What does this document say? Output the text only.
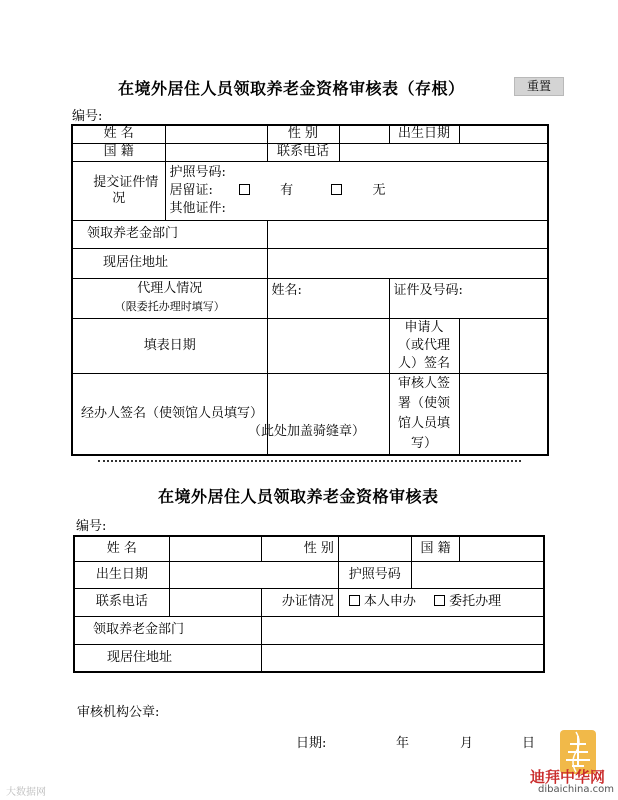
在境外居住人员领取养老金资格审核表（存根）	重置
编号:
姓 名		性 别		出生日期	
国 籍		联系电话			
提交证件情况	护照号码:
居留证: 有 无
其他证件:				

领取养老金部门					
现居住地址					

代理人情况
（限委托办理时填写）		姓名:		证件及号码:	
填表日期				申请人（或代理人）签名	
经办人签名（使领馆人员填写）				审核人签署（使领馆人员填写）	
（此处加盖骑缝章）
在境外居住人员领取养老金资格审核表
编号:
姓 名		性 别		国 籍	
出生日期			护照号码		
联系电话		办证情况	本人申办 委托办理		
领取养老金部门					
现居住地址					
审核机构公章:
日期:	年	月	日
大数据网
迪拜中华网
dibaichina.com
